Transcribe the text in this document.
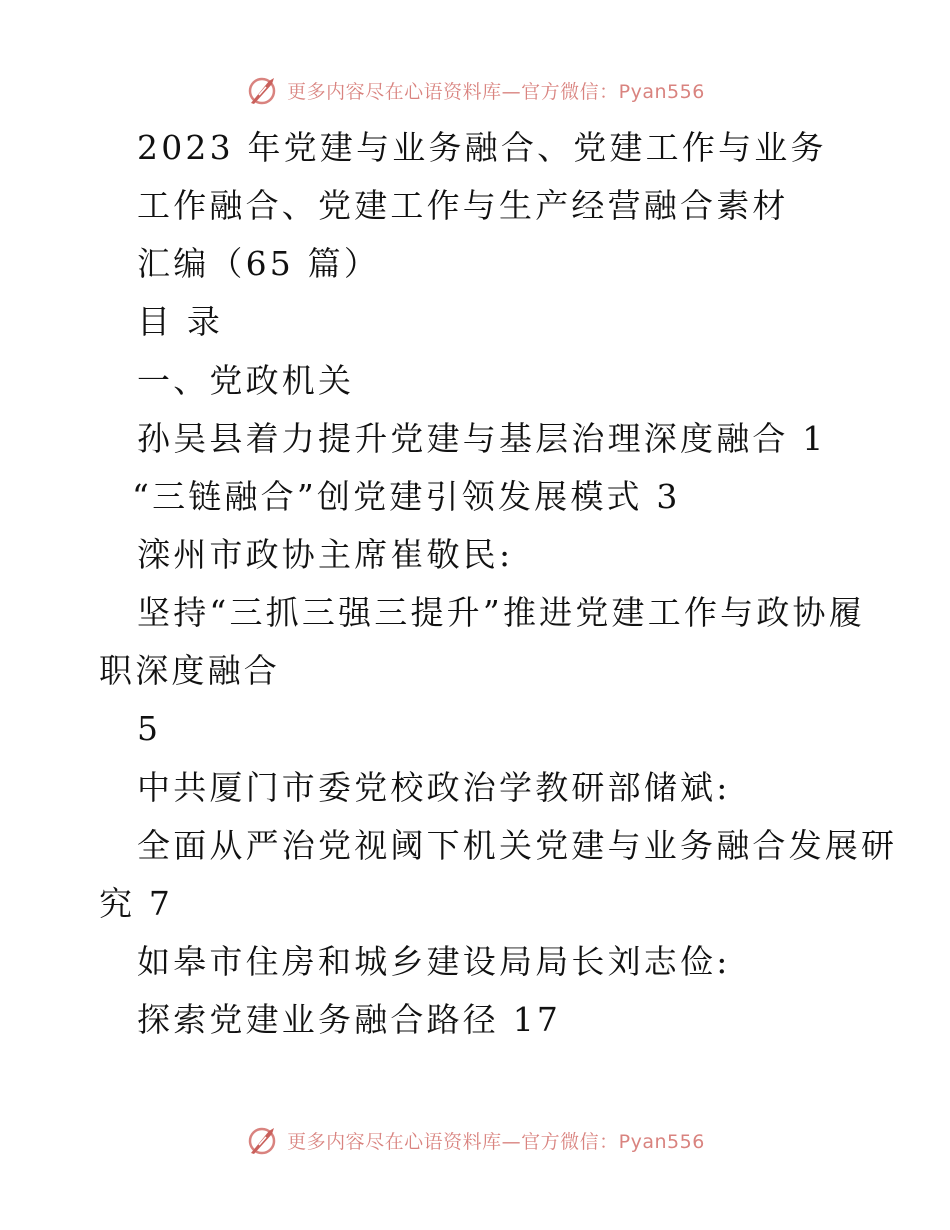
更多内容尽在心语资料库—官方微信：Pyan556
2023 年党建与业务融合、党建工作与业务
工作融合、党建工作与生产经营融合素材
汇编（65 篇）
目 录
一、党政机关
孙吴县着力提升党建与基层治理深度融合 1
“三链融合”创党建引领发展模式 3
滦州市政协主席崔敬民:
坚持“三抓三强三提升”推进党建工作与政协履
职深度融合
5
中共厦门市委党校政治学教研部储斌:
全面从严治党视阈下机关党建与业务融合发展研
究 7
如皋市住房和城乡建设局局长刘志俭:
探索党建业务融合路径 17
更多内容尽在心语资料库—官方微信：Pyan556
